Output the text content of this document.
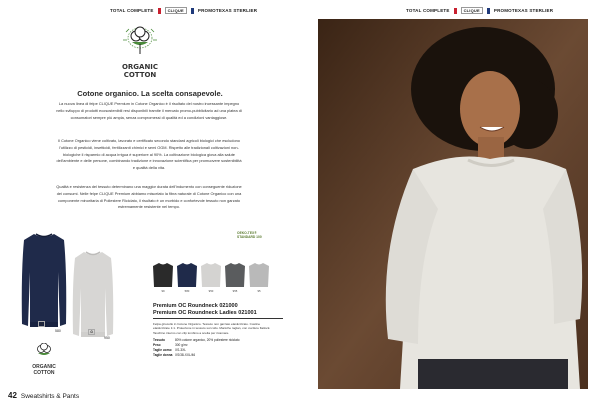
TOTAL COMPLETE	CLIQUE	PROMOTEXAS STERLIER
ORGANIC
COTTON
Cotone organico. La scelta consapevole.
La nuova linea di felpe CLIQUE Premium in Cotone Organico è il risultato del nostro incessante impegno nello sviluppo di prodotti ecosostenibili resi disponibili tramite il mercato promo-pubblicitario ad una platea di consumatori sempre più ampia, senza compromessi di qualità ed a condizioni vantaggiose.
Il Cotone Organico viene coltivato, lavorato e certificato secondo standard agricoli biologici che escludono l'utilizzo di pesticidi, insetticidi, fertilizzanti chimici e semi OGM. Rispetto alle tradizionali coltivazioni non-biologiche il risparmio di acqua irrigua è superiore al 90%. La coltivazione biologica giova alla salute dell'ambiente e delle persone, combinando tradizione e innovazione scientifica per promuovere sostenibilità e qualità della vita.
Qualità e resistenza del tessuto determinano una maggior durata dell'indumento con conseguente riduzione dei consumi. Nelle felpe CLIQUE Premium abbiamo miscelato la fibra naturale di Cotone Organico con una componente minoritaria di Poliestere Riciclato, il risultato è un morbido e confortevole tessuto non garzato estremamente resistente nel tempo.
♻
580	♻
950
ORGANIC
COTTON
OEKO-TEX®
STANDARD 100
99	580	950	955	95
Premium OC Roundneck 021000
Premium OC Roundneck Ladies 021001
Felpa girocollo in Cotone Organico. Tessuto non garzato elasticizzato. Costine elasticizzate 1:1. Protezione in tessuto sul collo. Maniche raglan, con cuciture flatlock. Taschino interno con clip lombino a scelta per ricamare.
Tessuto	80% cotone organico, 20% poliestere riciclato
Peso	300 g/m²
Taglie uomo	XS-3XL
Taglie donna XS/38-XXL/46
42 Sweatshirts & Pants
TOTAL COMPLETE	CLIQUE	PROMOTEXAS STERLIER
